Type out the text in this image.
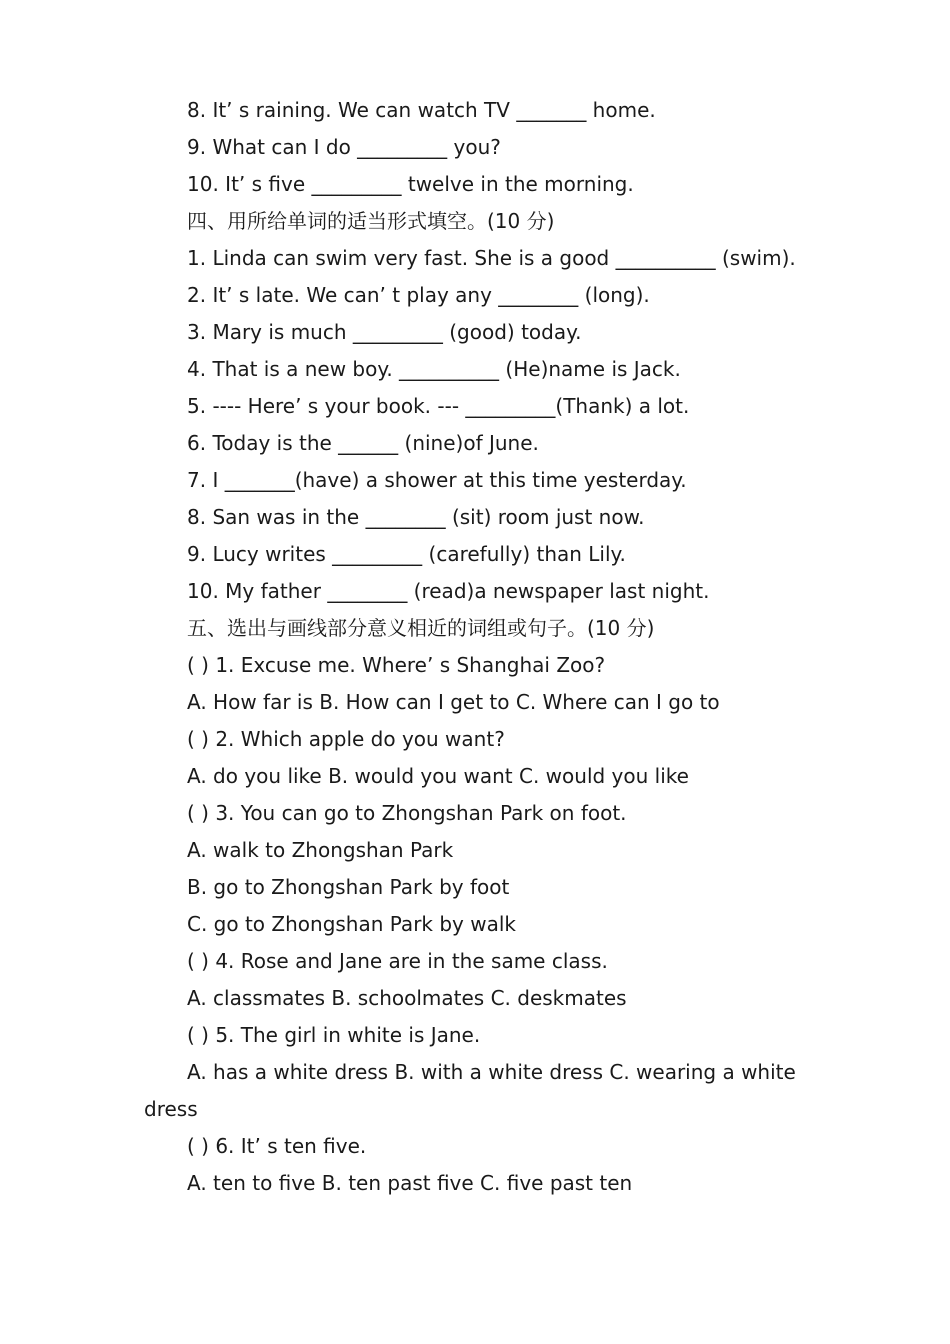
8. It’ s raining. We can watch TV _______ home.
9. What can I do _________ you?
10. It’ s five _________ twelve in the morning.
四、用所给单词的适当形式填空。(10 分)
1. Linda can swim very fast. She is a good __________ (swim).
2. It’ s late. We can’ t play any ________ (long).
3. Mary is much _________ (good) today.
4. That is a new boy. __________ (He)name is Jack.
5. ---- Here’ s your book. --- _________(Thank) a lot.
6. Today is the ______ (nine)of June.
7. I _______(have) a shower at this time yesterday.
8. San was in the ________ (sit) room just now.
9. Lucy writes _________ (carefully) than Lily.
10. My father ________ (read)a newspaper last night.
五、选出与画线部分意义相近的词组或句子。(10 分)
( ) 1. Excuse me. Where’ s Shanghai Zoo?
A. How far is B. How can I get to C. Where can I go to
( ) 2. Which apple do you want?
A. do you like B. would you want C. would you like
( ) 3. You can go to Zhongshan Park on foot.
A. walk to Zhongshan Park
B. go to Zhongshan Park by foot
C. go to Zhongshan Park by walk
( ) 4. Rose and Jane are in the same class.
A. classmates B. schoolmates C. deskmates
( ) 5. The girl in white is Jane.
A. has a white dress B. with a white dress C. wearing a white
dress
( ) 6. It’ s ten five.
A. ten to five B. ten past five C. five past ten
